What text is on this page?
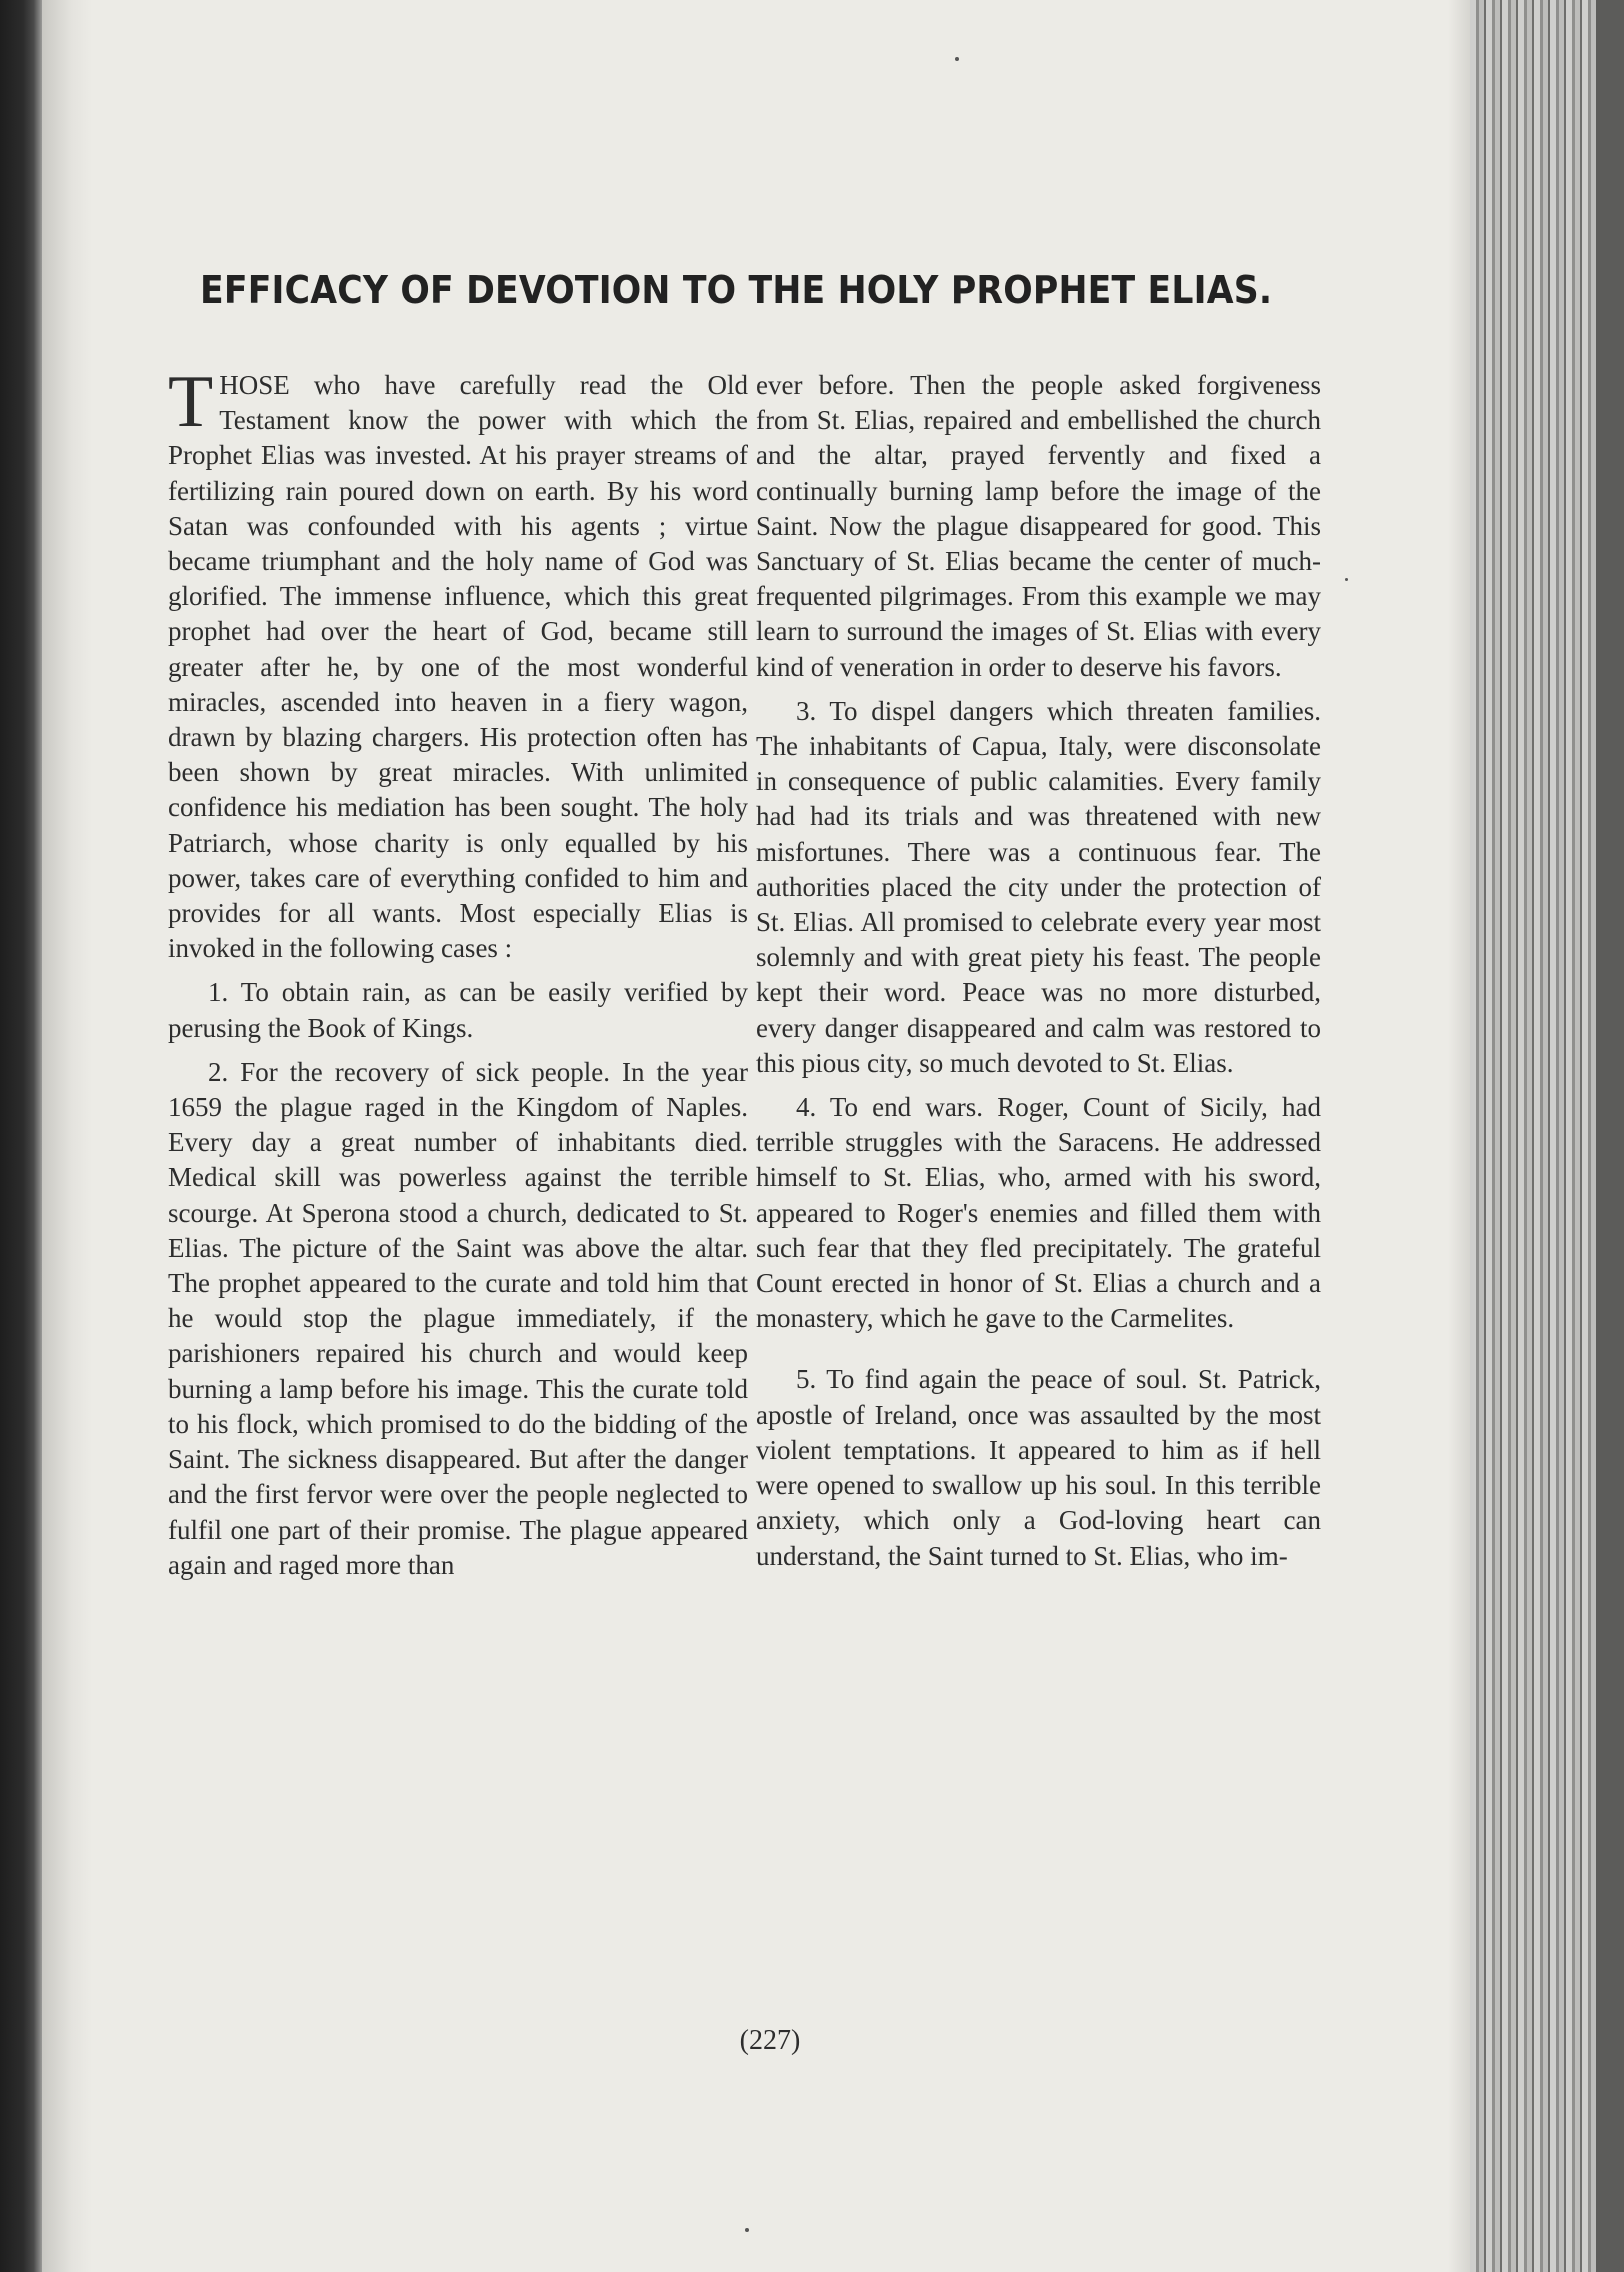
EFFICACY OF DEVOTION TO THE HOLY PROPHET ELIAS.

THOSE who have carefully read the Old Testament know the power with which the Prophet Elias was invested. At his prayer streams of fertilizing rain poured down on earth. By his word Satan was confounded with his agents ; virtue became triumphant and the holy name of God was glorified. The immense influence, which this great prophet had over the heart of God, became still greater after he, by one of the most wonderful miracles, ascended into heaven in a fiery wagon, drawn by blazing chargers. His protection often has been shown by great miracles. With unlimited confidence his mediation has been sought. The holy Patriarch, whose charity is only equalled by his power, takes care of everything confided to him and provides for all wants. Most especially Elias is invoked in the following cases :

1. To obtain rain, as can be easily verified by perusing the Book of Kings.

2. For the recovery of sick people. In the year 1659 the plague raged in the Kingdom of Naples. Every day a great number of inhabitants died. Medical skill was powerless against the terrible scourge. At Sperona stood a church, dedicated to St. Elias. The picture of the Saint was above the altar. The prophet appeared to the curate and told him that he would stop the plague immediately, if the parishioners repaired his church and would keep burning a lamp before his image. This the curate told to his flock, which promised to do the bidding of the Saint. The sickness disappeared. But after the danger and the first fervor were over the people neglected to fulfil one part of their promise. The plague appeared again and raged more than

ever before. Then the people asked forgiveness from St. Elias, repaired and embellished the church and the altar, prayed fervently and fixed a continually burning lamp before the image of the Saint. Now the plague disappeared for good. This Sanctuary of St. Elias became the center of much-frequented pilgrimages. From this example we may learn to surround the images of St. Elias with every kind of veneration in order to deserve his favors.

3. To dispel dangers which threaten families. The inhabitants of Capua, Italy, were disconsolate in consequence of public calamities. Every family had had its trials and was threatened with new misfortunes. There was a continuous fear. The authorities placed the city under the protection of St. Elias. All promised to celebrate every year most solemnly and with great piety his feast. The people kept their word. Peace was no more disturbed, every danger disappeared and calm was restored to this pious city, so much devoted to St. Elias.

4. To end wars. Roger, Count of Sicily, had terrible struggles with the Saracens. He addressed himself to St. Elias, who, armed with his sword, appeared to Roger's enemies and filled them with such fear that they fled precipitately. The grateful Count erected in honor of St. Elias a church and a monastery, which he gave to the Carmelites.

5. To find again the peace of soul. St. Patrick, apostle of Ireland, once was assaulted by the most violent temptations. It appeared to him as if hell were opened to swallow up his soul. In this terrible anxiety, which only a God-loving heart can understand, the Saint turned to St. Elias, who im-

(227)
